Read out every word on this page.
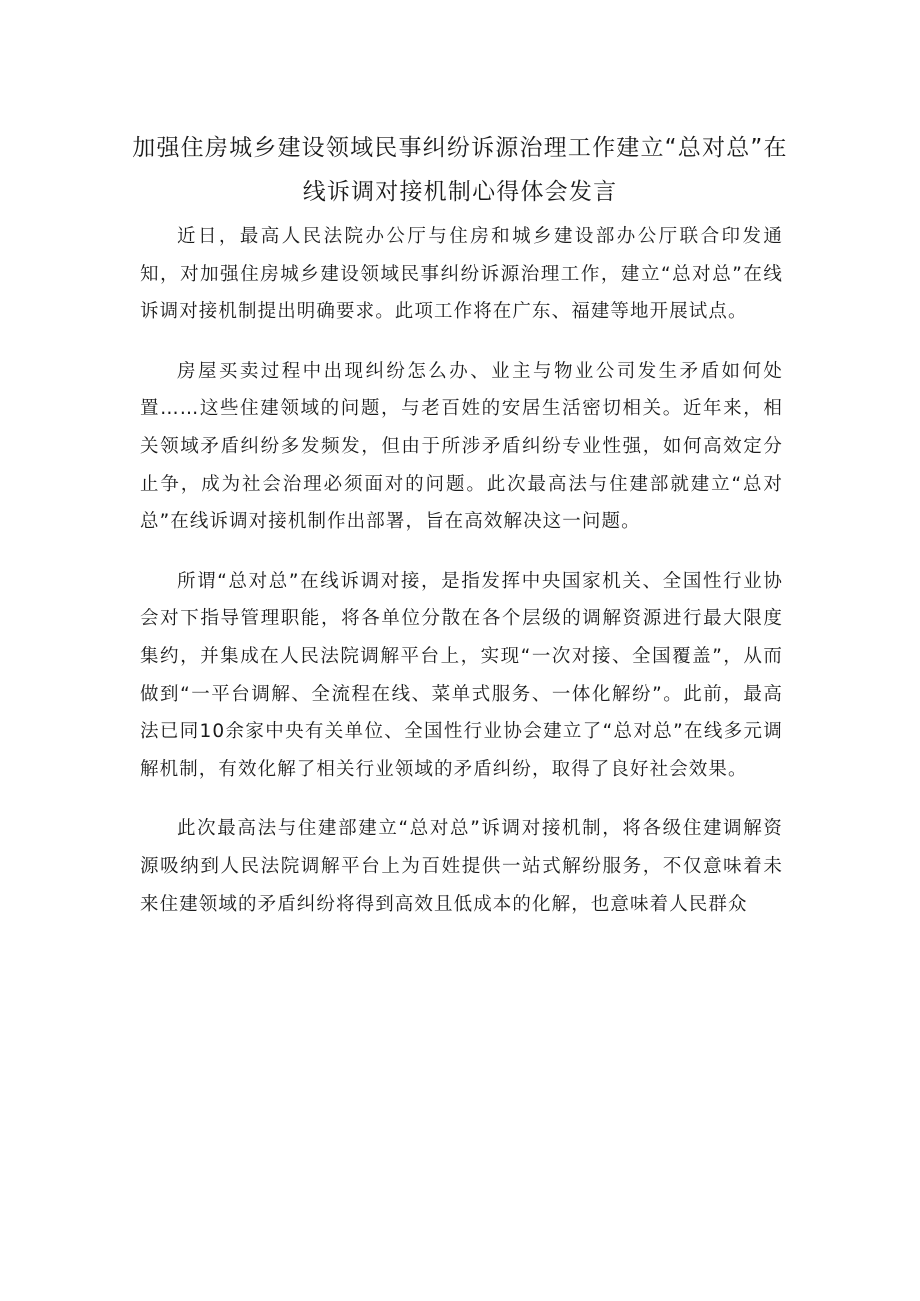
加强住房城乡建设领域民事纠纷诉源治理工作建立“总对总”在线诉调对接机制心得体会发言

近日，最高人民法院办公厅与住房和城乡建设部办公厅联合印发通知，对加强住房城乡建设领域民事纠纷诉源治理工作，建立“总对总”在线诉调对接机制提出明确要求。此项工作将在广东、福建等地开展试点。

房屋买卖过程中出现纠纷怎么办、业主与物业公司发生矛盾如何处置……这些住建领域的问题，与老百姓的安居生活密切相关。近年来，相关领域矛盾纠纷多发频发，但由于所涉矛盾纠纷专业性强，如何高效定分止争，成为社会治理必须面对的问题。此次最高法与住建部就建立“总对总”在线诉调对接机制作出部署，旨在高效解决这一问题。

所谓“总对总”在线诉调对接，是指发挥中央国家机关、全国性行业协会对下指导管理职能，将各单位分散在各个层级的调解资源进行最大限度集约，并集成在人民法院调解平台上，实现“一次对接、全国覆盖”，从而做到“一平台调解、全流程在线、菜单式服务、一体化解纷”。此前，最高法已同10余家中央有关单位、全国性行业协会建立了“总对总”在线多元调解机制，有效化解了相关行业领域的矛盾纠纷，取得了良好社会效果。

此次最高法与住建部建立“总对总”诉调对接机制，将各级住建调解资源吸纳到人民法院调解平台上为百姓提供一站式解纷服务，不仅意味着未来住建领域的矛盾纠纷将得到高效且低成本的化解，也意味着人民群众
